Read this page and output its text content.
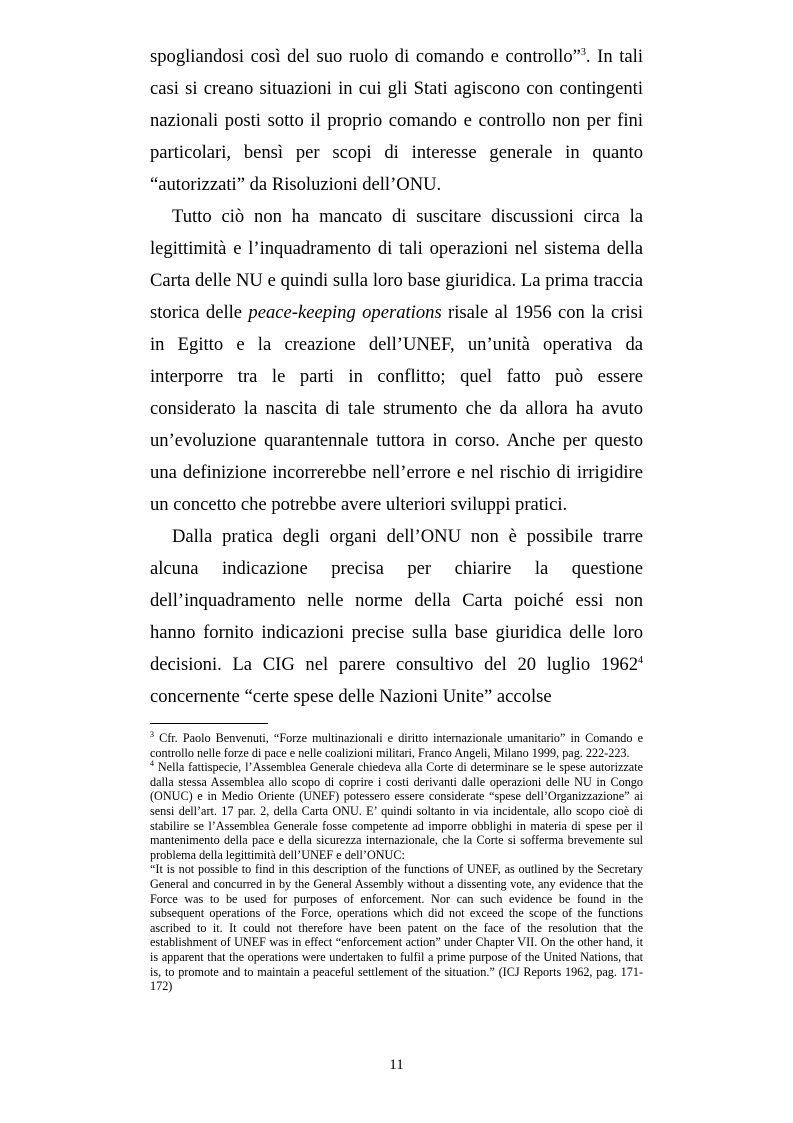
spogliandosi così del suo ruolo di comando e controllo”$^3$. In tali casi si creano situazioni in cui gli Stati agiscono con contingenti nazionali posti sotto il proprio comando e controllo non per fini particolari, bensì per scopi di interesse generale in quanto “autorizzati” da Risoluzioni dell’ONU.

Tutto ciò non ha mancato di suscitare discussioni circa la legittimità e l’inquadramento di tali operazioni nel sistema della Carta delle NU e quindi sulla loro base giuridica. La prima traccia storica delle peace-keeping operations risale al 1956 con la crisi in Egitto e la creazione dell’UNEF, un’unità operativa da interporre tra le parti in conflitto; quel fatto può essere considerato la nascita di tale strumento che da allora ha avuto un’evoluzione quarantennale tuttora in corso. Anche per questo una definizione incorrerebbe nell’errore e nel rischio di irrigidire un concetto che potrebbe avere ulteriori sviluppi pratici.

Dalla pratica degli organi dell’ONU non è possibile trarre alcuna indicazione precisa per chiarire la questione dell’inquadramento nelle norme della Carta poiché essi non hanno fornito indicazioni precise sulla base giuridica delle loro decisioni. La CIG nel parere consultivo del 20 luglio 1962$^4$ concernente “certe spese delle Nazioni Unite” accolse

$^3$ Cfr. Paolo Benvenuti, “Forze multinazionali e diritto internazionale umanitario” in Comando e controllo nelle forze di pace e nelle coalizioni militari, Franco Angeli, Milano 1999, pag. 222-223.

$^4$ Nella fattispecie, l’Assemblea Generale chiedeva alla Corte di determinare se le spese autorizzate dalla stessa Assemblea allo scopo di coprire i costi derivanti dalle operazioni delle NU in Congo (ONUC) e in Medio Oriente (UNEF) potessero essere considerate “spese dell’Organizzazione” ai sensi dell’art. 17 par. 2, della Carta ONU. E’ quindi soltanto in via incidentale, allo scopo cioè di stabilire se l’Assemblea Generale fosse competente ad imporre obblighi in materia di spese per il mantenimento della pace e della sicurezza internazionale, che la Corte si sofferma brevemente sul problema della legittimità dell’UNEF e dell’ONUC:

“It is not possible to find in this description of the functions of UNEF, as outlined by the Secretary General and concurred in by the General Assembly without a dissenting vote, any evidence that the Force was to be used for purposes of enforcement. Nor can such evidence be found in the subsequent operations of the Force, operations which did not exceed the scope of the functions ascribed to it. It could not therefore have been patent on the face of the resolution that the establishment of UNEF was in effect “enforcement action” under Chapter VII. On the other hand, it is apparent that the operations were undertaken to fulfil a prime purpose of the United Nations, that is, to promote and to maintain a peaceful settlement of the situation.” (ICJ Reports 1962, pag. 171-172)

11
